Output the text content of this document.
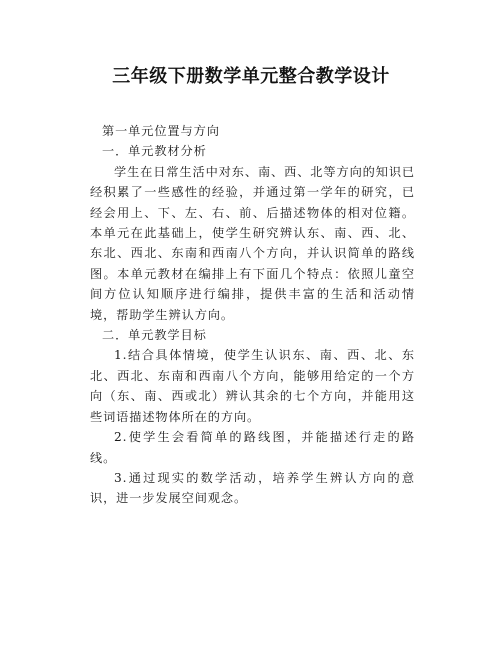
三年级下册数学单元整合教学设计

第一单元位置与方向

一．单元教材分析

学生在日常生活中对东、南、西、北等方向的知识已经积累了一些感性的经验，并通过第一学年的研究，已经会用上、下、左、右、前、后描述物体的相对位籍。本单元在此基础上，使学生研究辨认东、南、西、北、东北、西北、东南和西南八个方向，并认识简单的路线图。本单元教材在编排上有下面几个特点：依照儿童空间方位认知顺序进行编排，提供丰富的生活和活动情境，帮助学生辨认方向。

二．单元教学目标

1.结合具体情境，使学生认识东、南、西、北、东北、西北、东南和西南八个方向，能够用给定的一个方向（东、南、西或北）辨认其余的七个方向，并能用这些词语描述物体所在的方向。

2.使学生会看简单的路线图，并能描述行走的路线。

3.通过现实的数学活动，培养学生辨认方向的意识，进一步发展空间观念。
